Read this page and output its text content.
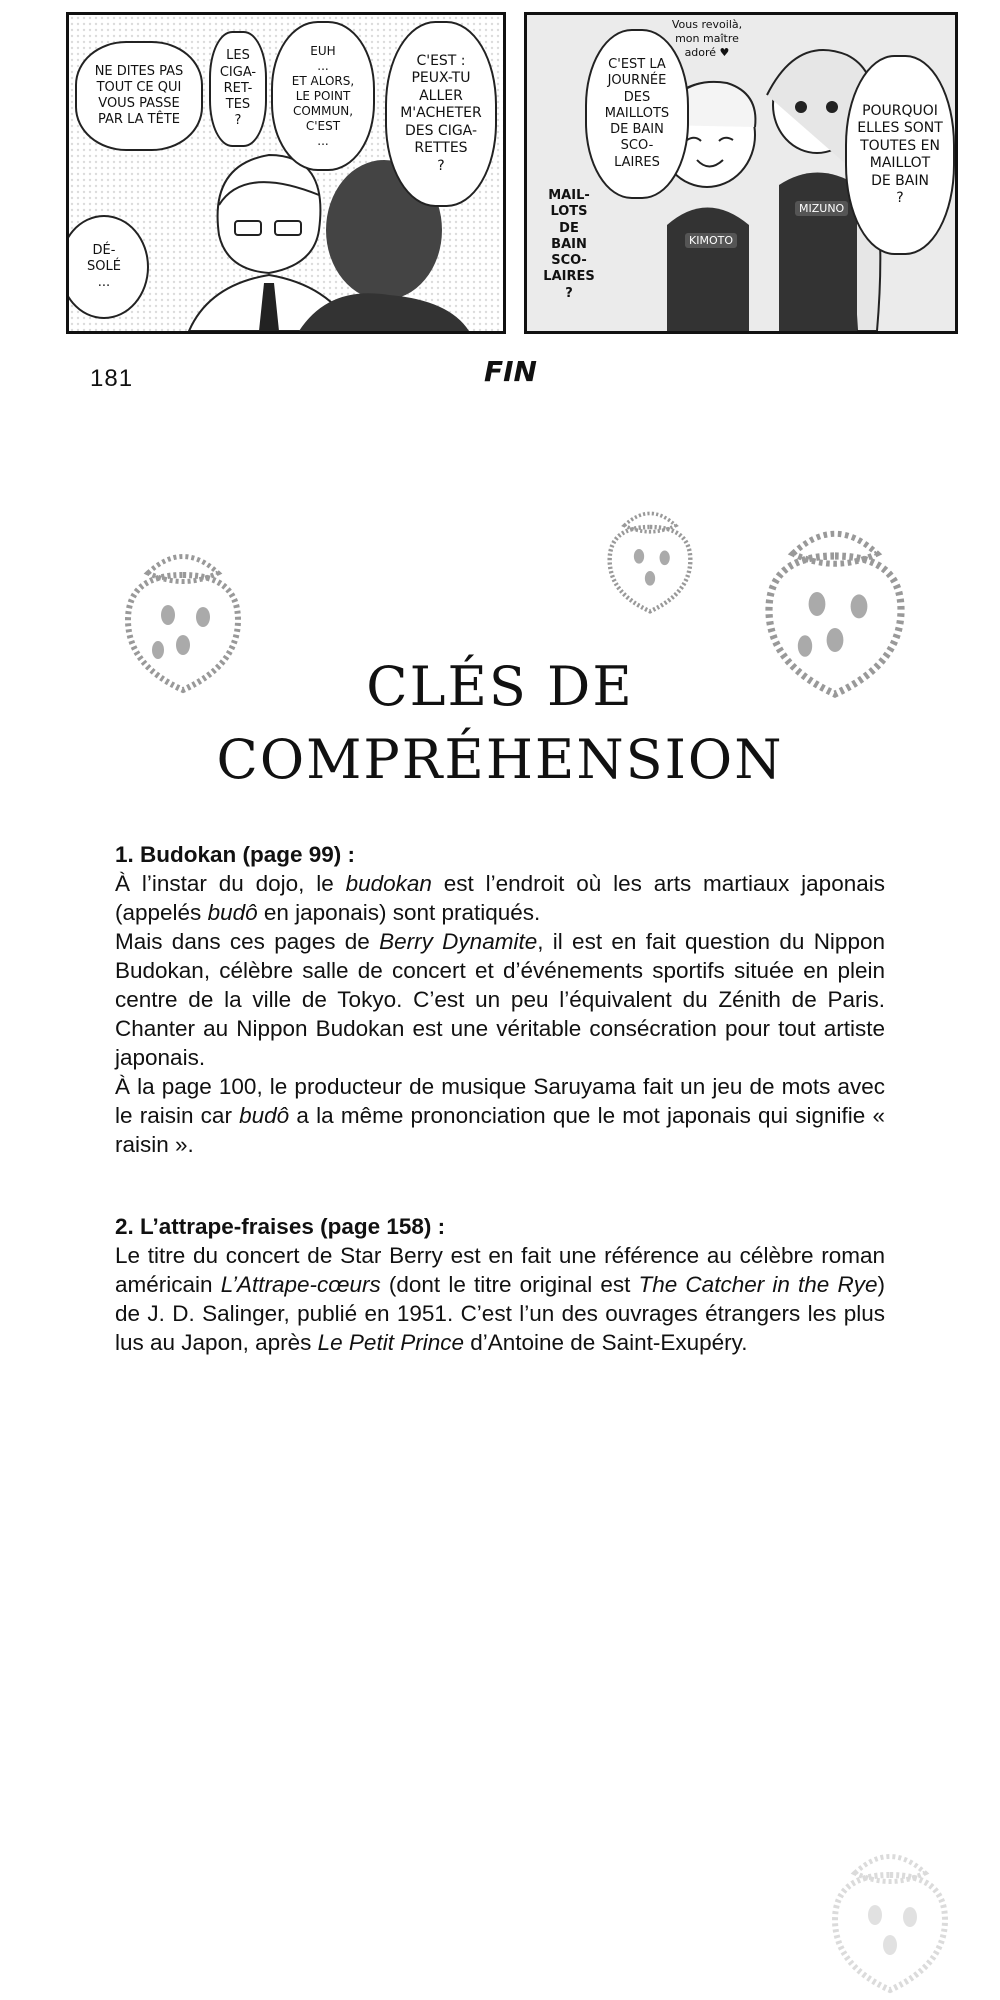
NE DITES PAS
TOUT CE QUI
VOUS PASSE
PAR LA TÊTE
LES
CIGA-
RET-
TES
?
EUH
...
ET ALORS,
LE POINT
COMMUN,
C'EST
...
C'EST :
PEUX-TU
ALLER
M'ACHETER
DES CIGA-
RETTES
?
DÉ-
SOLÉ
...
KIMOTO
MIZUNO
Vous revoilà,
mon maître
adoré ♥
C'EST LA
JOURNÉE
DES
MAILLOTS
DE BAIN
SCO-
LAIRES
MAIL-
LOTS
DE
BAIN
SCO-
LAIRES
?
POURQUOI
ELLES SONT
TOUTES EN
MAILLOT
DE BAIN
?
181	FIN
CLÉS DE
COMPRÉHENSION
1. Budokan (page 99) :

À l’instar du dojo, le budokan est l’endroit où les arts martiaux japonais (appelés budô en japonais) sont pratiqués.

Mais dans ces pages de Berry Dynamite, il est en fait question du Nippon Budokan, célèbre salle de concert et d’événements sportifs située en plein centre de la ville de Tokyo. C’est un peu l’équivalent du Zénith de Paris. Chanter au Nippon Budokan est une véritable consécration pour tout artiste japonais.

À la page 100, le producteur de musique Saruyama fait un jeu de mots avec le raisin car budô a la même prononciation que le mot japonais qui signifie « raisin ».

2. L’attrape-fraises (page 158) :

Le titre du concert de Star Berry est en fait une référence au célèbre roman américain L’Attrape-cœurs (dont le titre original est The Catcher in the Rye) de J. D. Salinger, publié en 1951. C’est l’un des ouvrages étrangers les plus lus au Japon, après Le Petit Prince d’Antoine de Saint-Exupéry.
